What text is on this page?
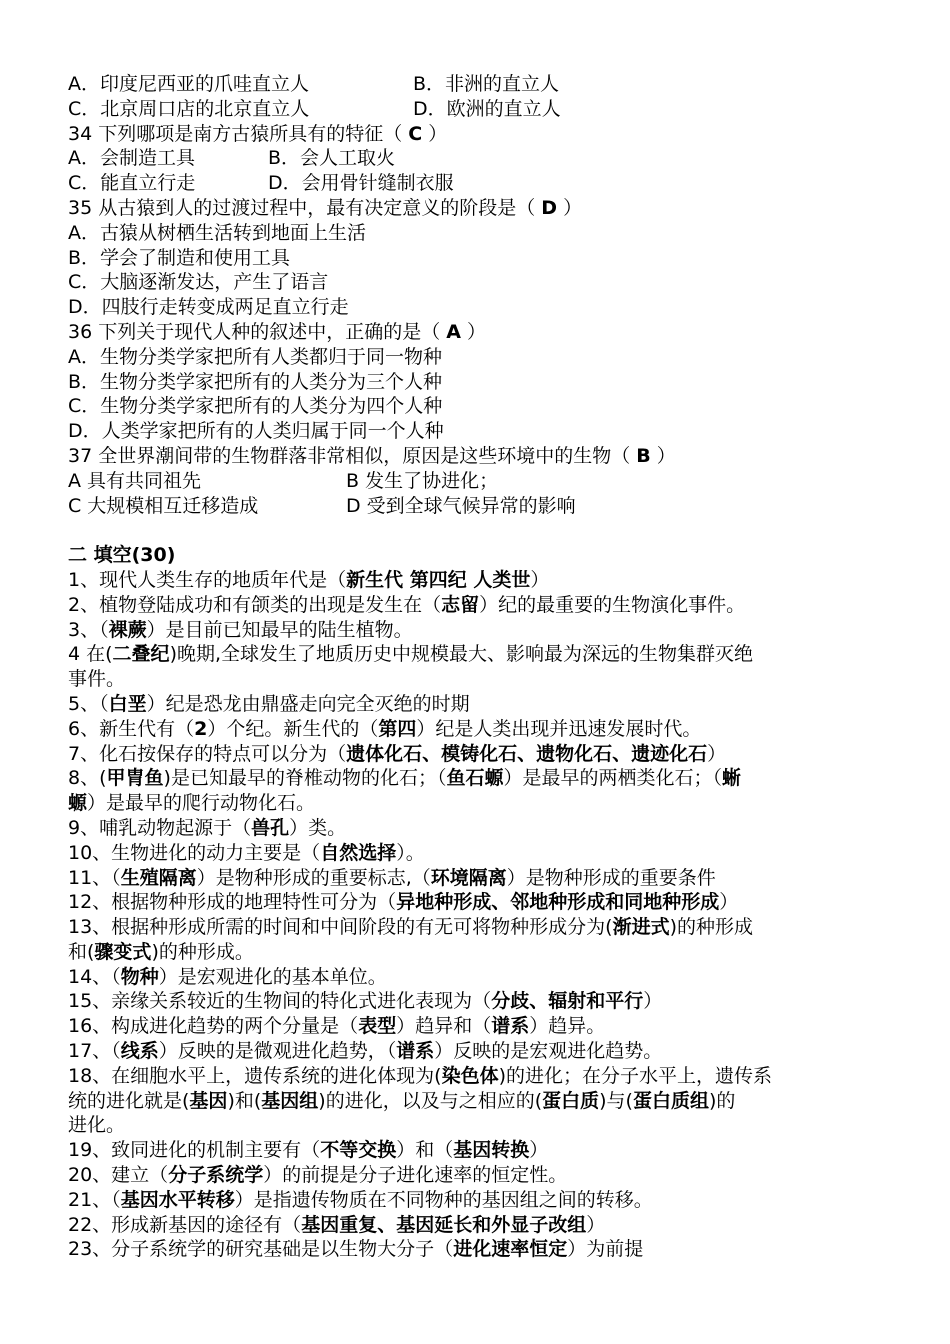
A．印度尼西亚的爪哇直立人	B．非洲的直立人
C．北京周口店的北京直立人	D．欧洲的直立人
34 下列哪项是南方古猿所具有的特征（ C ）
A．会制造工具	B．会人工取火
C．能直立行走	D．会用骨针缝制衣服
35 从古猿到人的过渡过程中，最有决定意义的阶段是（ D ）
A．古猿从树栖生活转到地面上生活
B．学会了制造和使用工具
C．大脑逐渐发达，产生了语言
D．四肢行走转变成两足直立行走
36 下列关于现代人种的叙述中，正确的是（ A ）
A．生物分类学家把所有人类都归于同一物种
B．生物分类学家把所有的人类分为三个人种
C．生物分类学家把所有的人类分为四个人种
D．人类学家把所有的人类归属于同一个人种
37 全世界潮间带的生物群落非常相似，原因是这些环境中的生物（ B ）
A 具有共同祖先	B 发生了协进化；
C 大规模相互迁移造成	D 受到全球气候异常的影响
二 填空(30)
1、现代人类生存的地质年代是（新生代 第四纪 人类世）
2、植物登陆成功和有颌类的出现是发生在（志留）纪的最重要的生物演化事件。
3、（裸蕨）是目前已知最早的陆生植物。
4 在(二叠纪)晚期,全球发生了地质历史中规模最大、影响最为深远的生物集群灭绝
事件。
5、（白垩）纪是恐龙由鼎盛走向完全灭绝的时期
6、新生代有（2）个纪。新生代的（第四）纪是人类出现并迅速发展时代。
7、化石按保存的特点可以分为（遗体化石、模铸化石、遗物化石、遗迹化石）
8、(甲胄鱼)是已知最早的脊椎动物的化石；（鱼石螈）是最早的两栖类化石；（蜥
螈）是最早的爬行动物化石。
9、哺乳动物起源于（兽孔）类。
10、生物进化的动力主要是（自然选择）。
11、（生殖隔离）是物种形成的重要标志,（环境隔离）是物种形成的重要条件
12、根据物种形成的地理特性可分为（异地种形成、邻地种形成和同地种形成）
13、根据种形成所需的时间和中间阶段的有无可将物种形成分为(渐进式)的种形成
和(骤变式)的种形成。
14、（物种）是宏观进化的基本单位。
15、亲缘关系较近的生物间的特化式进化表现为（分歧、辐射和平行）
16、构成进化趋势的两个分量是（表型）趋异和（谱系）趋异。
17、（线系）反映的是微观进化趋势，（谱系）反映的是宏观进化趋势。
18、在细胞水平上，遗传系统的进化体现为(染色体)的进化；在分子水平上，遗传系
统的进化就是(基因)和(基因组)的进化，以及与之相应的(蛋白质)与(蛋白质组)的
进化。
19、致同进化的机制主要有（不等交换）和（基因转换）
20、建立（分子系统学）的前提是分子进化速率的恒定性。
21、（基因水平转移）是指遗传物质在不同物种的基因组之间的转移。
22、形成新基因的途径有（基因重复、基因延长和外显子改组）
23、分子系统学的研究基础是以生物大分子（进化速率恒定）为前提
